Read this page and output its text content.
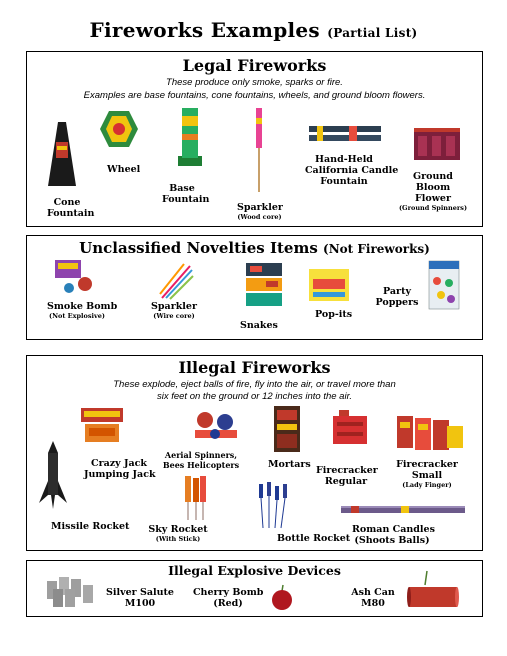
Fireworks Examples (Partial List)
Legal Fireworks
These produce only smoke, sparks or fire.
Examples are base fountains, cone fountains, wheels, and ground bloom flowers.
Cone
Fountain
Wheel
Base
Fountain
Sparkler
(Wood core)
Hand-Held
California Candle
Fountain	Ground
Bloom
Flower
(Ground Spinners)
Unclassified Novelties Items (Not Fireworks)
Smoke Bomb
(Not Explosive)
Sparkler
(Wire core)
Snakes
Pop-its
Party
Poppers
Illegal Fireworks
These explode, eject balls of fire, fly into the air, or travel more than
six feet on the ground or 12 inches into the air.
Missile Rocket
Crazy Jack
Jumping Jack
Aerial Spinners,
Bees Helicopters	Mortars
Firecracker
Regular
Firecracker
Small
(Lady Finger)
Sky Rocket
(With Stick)	Bottle Rocket
Roman Candles
(Shoots Balls)
Illegal Explosive Devices
Silver Salute
M100
Cherry Bomb
(Red)
Ash Can
M80
